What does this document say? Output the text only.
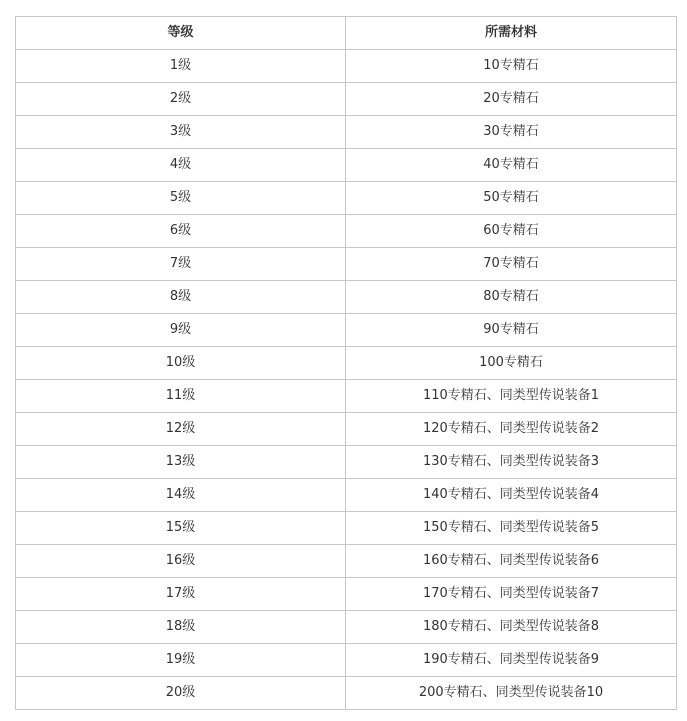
等级	所需材料
1级	10专精石
2级	20专精石
3级	30专精石
4级	40专精石
5级	50专精石
6级	60专精石
7级	70专精石
8级	80专精石
9级	90专精石
10级	100专精石
11级	110专精石、同类型传说装备1
12级	120专精石、同类型传说装备2
13级	130专精石、同类型传说装备3
14级	140专精石、同类型传说装备4
15级	150专精石、同类型传说装备5
16级	160专精石、同类型传说装备6
17级	170专精石、同类型传说装备7
18级	180专精石、同类型传说装备8
19级	190专精石、同类型传说装备9
20级	200专精石、同类型传说装备10
